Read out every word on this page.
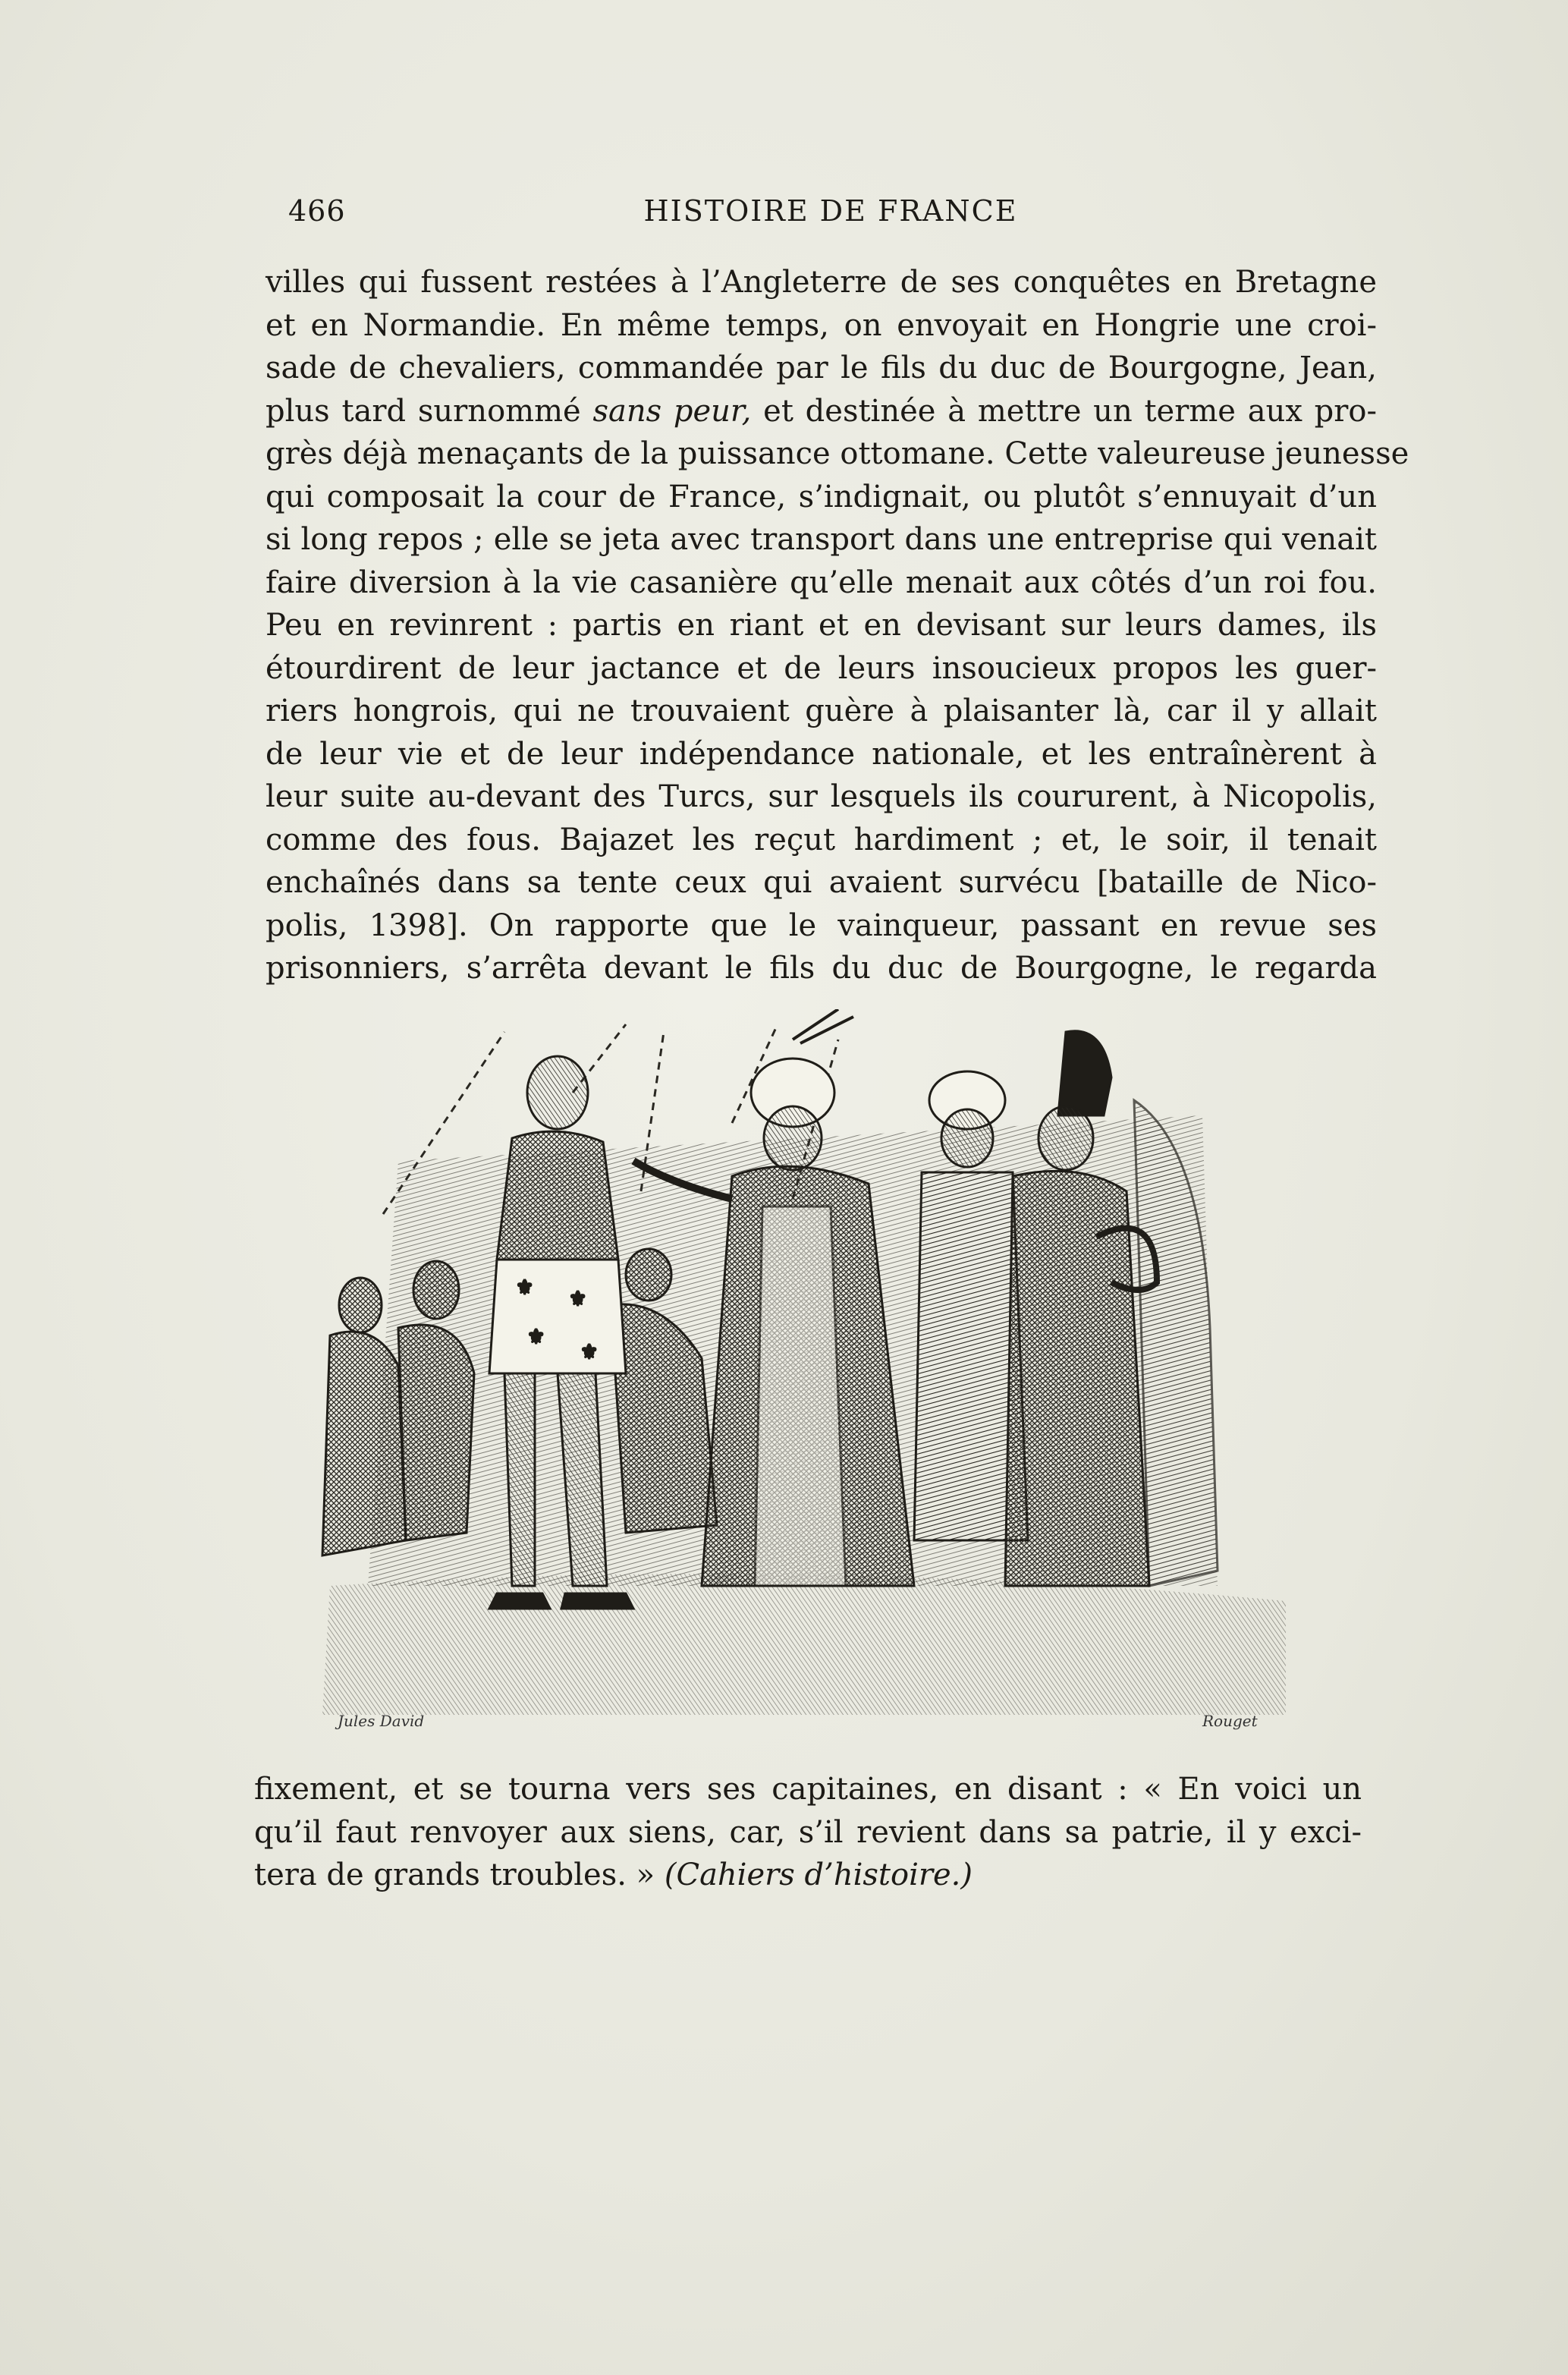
466	HISTOIRE DE FRANCE
villes qui fussent restées à l’Angleterre de ses conquêtes en Bretagne
et en Normandie. En même temps, on envoyait en Hongrie une croi-
sade de chevaliers, commandée par le fils du duc de Bourgogne, Jean,
plus tard surnommé sans peur, et destinée à mettre un terme aux pro-
grès déjà menaçants de la puissance ottomane. Cette valeureuse jeunesse
qui composait la cour de France, s’indignait, ou plutôt s’ennuyait d’un
si long repos ; elle se jeta avec transport dans une entreprise qui venait
faire diversion à la vie casanière qu’elle menait aux côtés d’un roi fou.
Peu en revinrent : partis en riant et en devisant sur leurs dames, ils
étourdirent de leur jactance et de leurs insoucieux propos les guer-
riers hongrois, qui ne trouvaient guère à plaisanter là, car il y allait
de leur vie et de leur indépendance nationale, et les entraînèrent à
leur suite au-devant des Turcs, sur lesquels ils coururent, à Nicopolis,
comme des fous. Bajazet les reçut hardiment ; et, le soir, il tenait
enchaînés dans sa tente ceux qui avaient survécu [bataille de Nico-
polis, 1398]. On rapporte que le vainqueur, passant en revue ses
prisonniers, s’arrêta devant le fils du duc de Bourgogne, le regarda
⚜ ⚜
⚜
⚜
Jules David	Rouget
fixement, et se tourna vers ses capitaines, en disant : « En voici un
qu’il faut renvoyer aux siens, car, s’il revient dans sa patrie, il y exci-
tera de grands troubles. » (Cahiers d’histoire.)
